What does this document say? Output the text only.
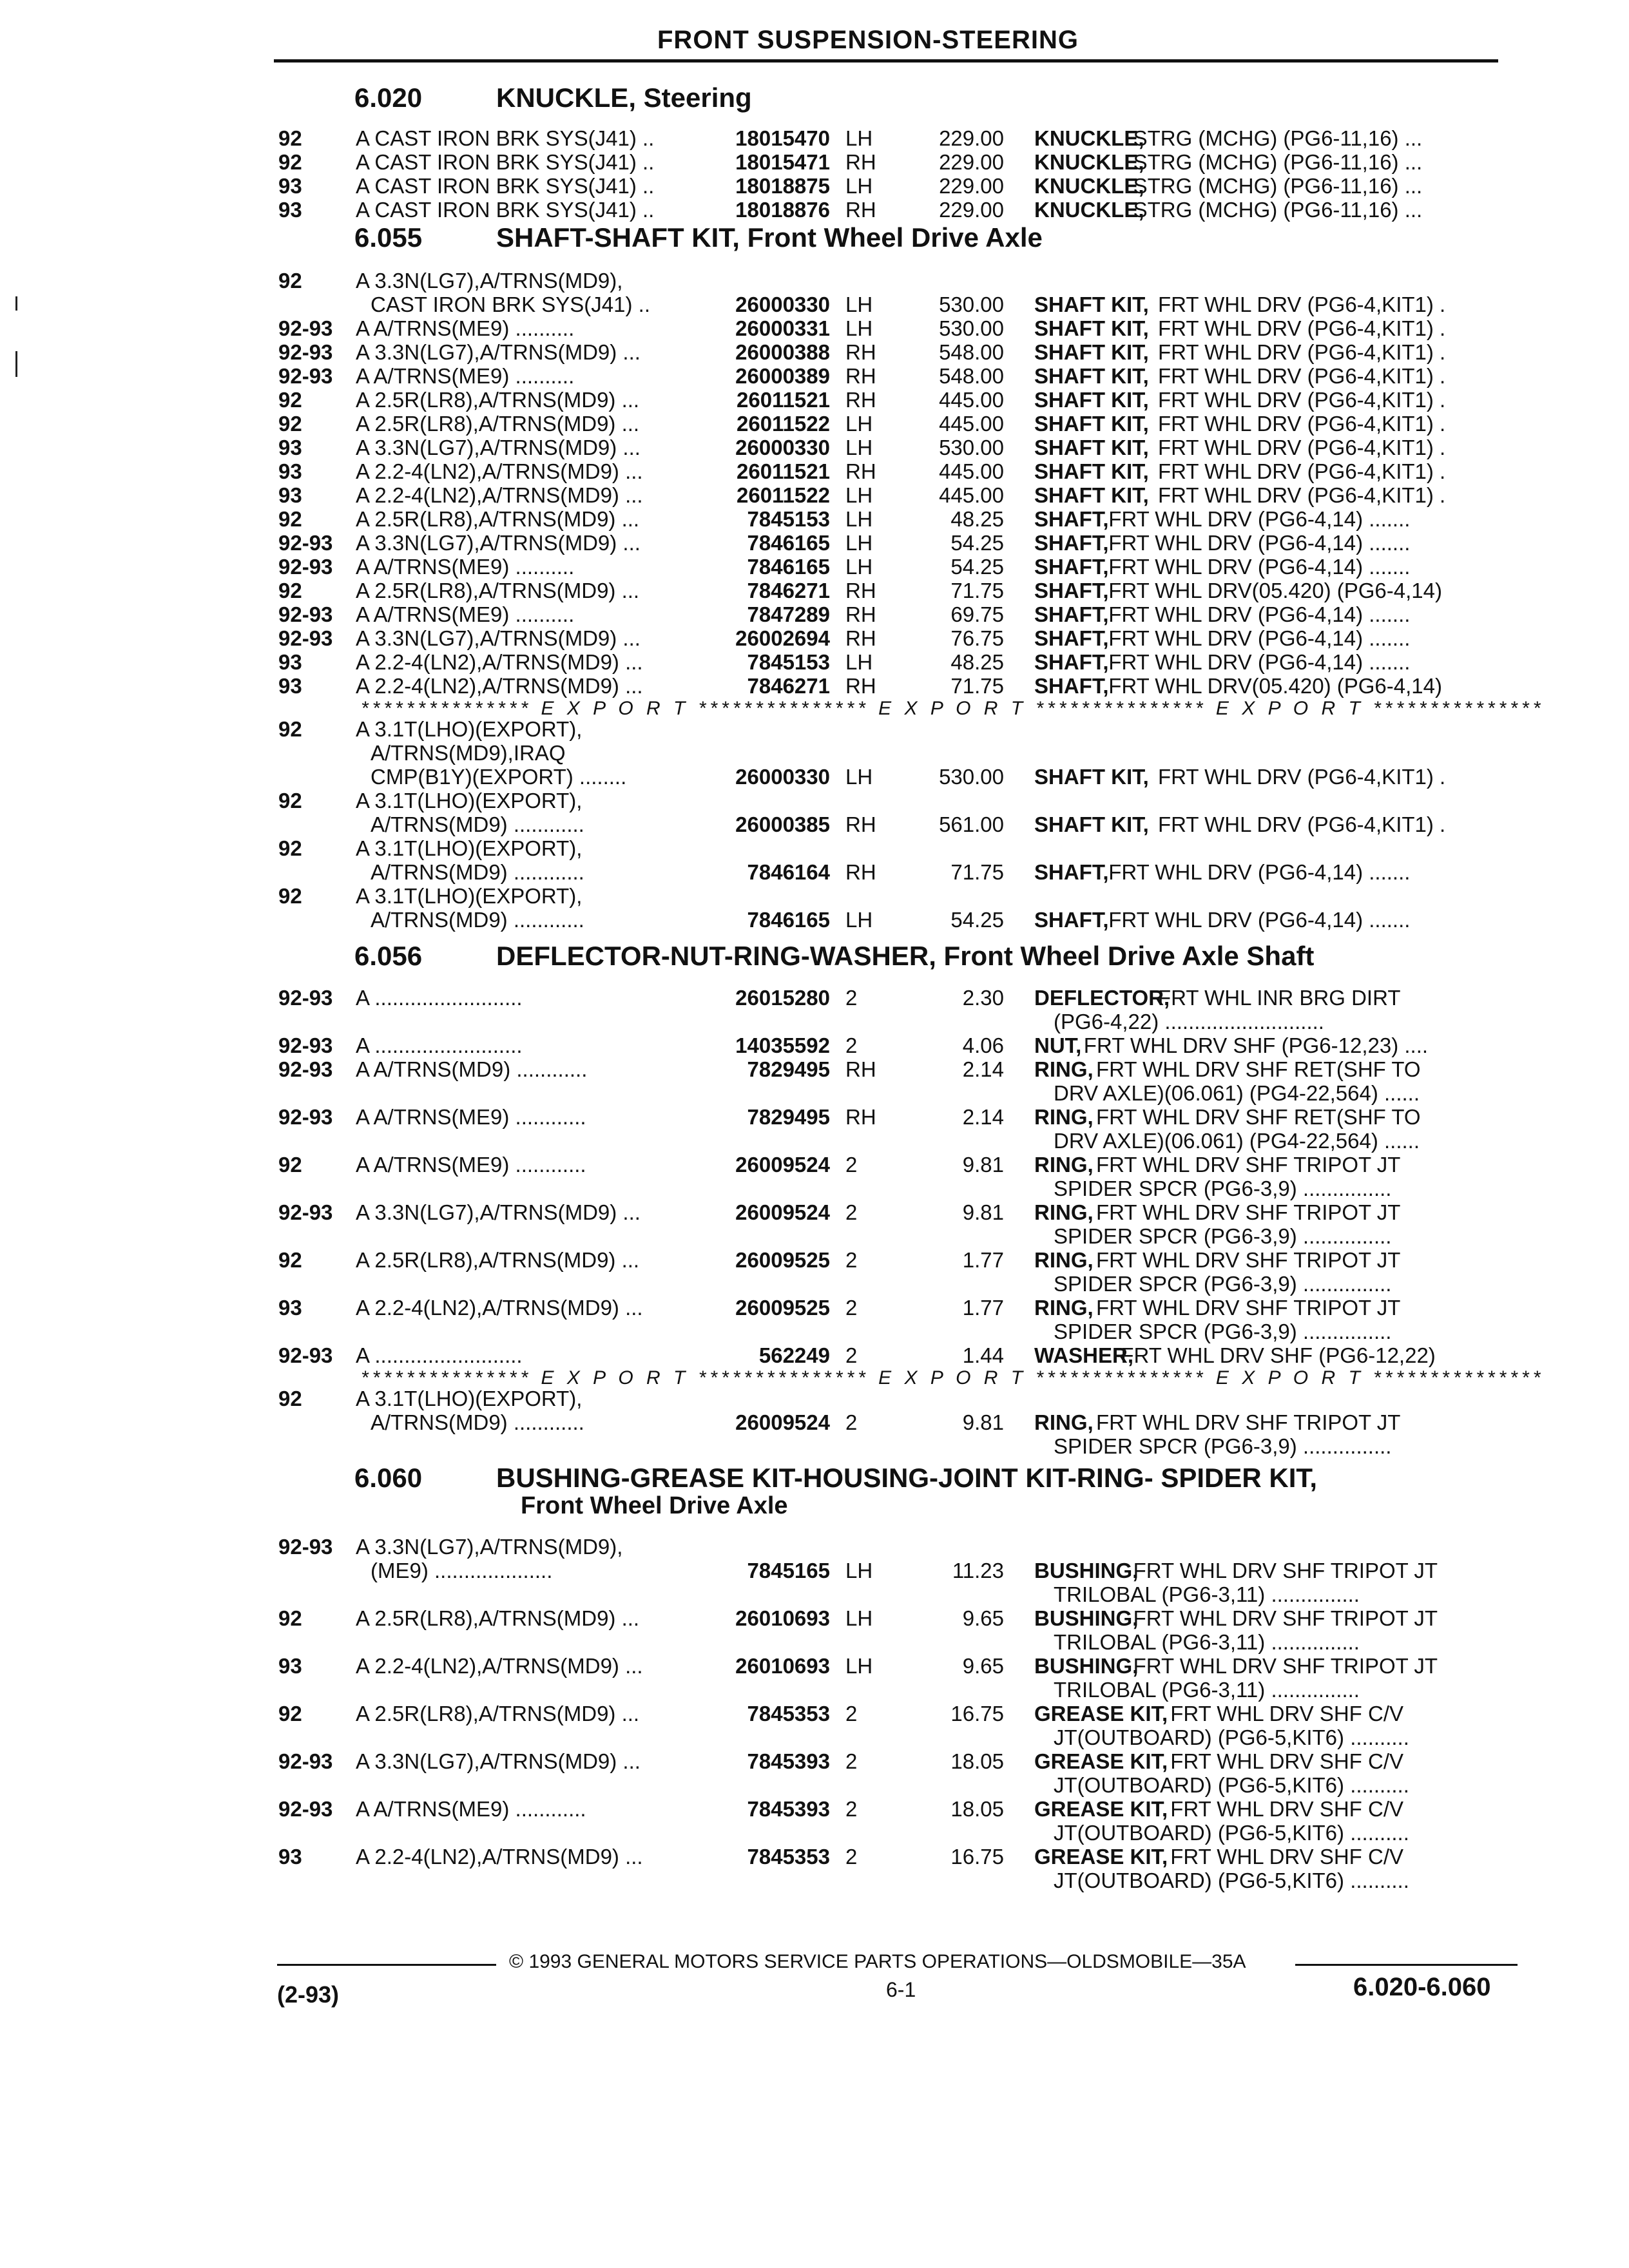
FRONT SUSPENSION-STEERING
6.020	KNUCKLE, Steering
92	A CAST IRON BRK SYS(J41) ..	18015470 LH	229.00 KNUCKLE,
STRG (MCHG) (PG6-11,16) ...
92	A CAST IRON BRK SYS(J41) ..	18015471 RH	229.00 KNUCKLE,
STRG (MCHG) (PG6-11,16) ...
93	A CAST IRON BRK SYS(J41) ..	18018875 LH	229.00 KNUCKLE,
STRG (MCHG) (PG6-11,16) ...
93	A CAST IRON BRK SYS(J41) ..	18018876 RH	229.00 KNUCKLE,
STRG (MCHG) (PG6-11,16) ...
6.055	SHAFT-SHAFT KIT, Front Wheel Drive Axle
92	A 3.3N(LG7),A/TRNS(MD9),
CAST IRON BRK SYS(J41) ..	26000330 LH	530.00 SHAFT KIT, FRT WHL DRV (PG6-4,KIT1) .
92-93 A A/TRNS(ME9) ..........	26000331 LH	530.00 SHAFT KIT, FRT WHL DRV (PG6-4,KIT1) .
92-93 A 3.3N(LG7),A/TRNS(MD9) ...	26000388 RH	548.00 SHAFT KIT, FRT WHL DRV (PG6-4,KIT1) .
92-93 A A/TRNS(ME9) ..........	26000389 RH	548.00 SHAFT KIT, FRT WHL DRV (PG6-4,KIT1) .
92	A 2.5R(LR8),A/TRNS(MD9) ...	26011521 RH	445.00 SHAFT KIT, FRT WHL DRV (PG6-4,KIT1) .
92	A 2.5R(LR8),A/TRNS(MD9) ...	26011522 LH	445.00 SHAFT KIT, FRT WHL DRV (PG6-4,KIT1) .
93	A 3.3N(LG7),A/TRNS(MD9) ...	26000330 LH	530.00 SHAFT KIT, FRT WHL DRV (PG6-4,KIT1) .
93	A 2.2-4(LN2),A/TRNS(MD9) ...	26011521 RH	445.00 SHAFT KIT, FRT WHL DRV (PG6-4,KIT1) .
93	A 2.2-4(LN2),A/TRNS(MD9) ...	26011522 LH	445.00 SHAFT KIT, FRT WHL DRV (PG6-4,KIT1) .
92	A 2.5R(LR8),A/TRNS(MD9) ...	7845153 LH	48.25 SHAFT, FRT WHL DRV (PG6-4,14) .......
92-93 A 3.3N(LG7),A/TRNS(MD9) ...	7846165 LH	54.25 SHAFT, FRT WHL DRV (PG6-4,14) .......
92-93 A A/TRNS(ME9) ..........	7846165 LH	54.25 SHAFT, FRT WHL DRV (PG6-4,14) .......
92	A 2.5R(LR8),A/TRNS(MD9) ...	7846271 RH	71.75 SHAFT, FRT WHL DRV(05.420) (PG6-4,14)
92-93 A A/TRNS(ME9) ..........	7847289 RH	69.75 SHAFT, FRT WHL DRV (PG6-4,14) .......
92-93 A 3.3N(LG7),A/TRNS(MD9) ...	26002694 RH	76.75 SHAFT, FRT WHL DRV (PG6-4,14) .......
93	A 2.2-4(LN2),A/TRNS(MD9) ...	7845153 LH	48.25 SHAFT, FRT WHL DRV (PG6-4,14) .......
93	A 2.2-4(LN2),A/TRNS(MD9) ...	7846271 RH	71.75 SHAFT, FRT WHL DRV(05.420) (PG6-4,14)
*************** E X P O R T *************** E X P O R T *************** E X P O R T ***************
92	A 3.1T(LHO)(EXPORT),
A/TRNS(MD9),IRAQ
CMP(B1Y)(EXPORT) ........	26000330 LH	530.00 SHAFT KIT, FRT WHL DRV (PG6-4,KIT1) .
92	A 3.1T(LHO)(EXPORT),
A/TRNS(MD9) ............	26000385 RH	561.00 SHAFT KIT, FRT WHL DRV (PG6-4,KIT1) .
92	A 3.1T(LHO)(EXPORT),
A/TRNS(MD9) ............	7846164 RH	71.75 SHAFT, FRT WHL DRV (PG6-4,14) .......
92	A 3.1T(LHO)(EXPORT),
A/TRNS(MD9) ............	7846165 LH	54.25 SHAFT, FRT WHL DRV (PG6-4,14) .......
6.056	DEFLECTOR-NUT-RING-WASHER, Front Wheel Drive Axle Shaft
92-93 A .........................	26015280 2	2.30 DEFLECTOR,
FRT WHL INR BRG DIRT
(PG6-4,22) ...........................
92-93 A .........................	14035592 2	4.06 NUT, FRT WHL DRV SHF (PG6-12,23) ....
92-93 A A/TRNS(MD9) ............	7829495 RH	2.14 RING, FRT WHL DRV SHF RET(SHF TO
DRV AXLE)(06.061) (PG4-22,564) ......
92-93 A A/TRNS(ME9) ............	7829495 RH	2.14 RING, FRT WHL DRV SHF RET(SHF TO
DRV AXLE)(06.061) (PG4-22,564) ......
92	A A/TRNS(ME9) ............	26009524 2	9.81 RING, FRT WHL DRV SHF TRIPOT JT
SPIDER SPCR (PG6-3,9) ...............
92-93 A 3.3N(LG7),A/TRNS(MD9) ...	26009524 2	9.81 RING, FRT WHL DRV SHF TRIPOT JT
SPIDER SPCR (PG6-3,9) ...............
92	A 2.5R(LR8),A/TRNS(MD9) ...	26009525 2	1.77 RING, FRT WHL DRV SHF TRIPOT JT
SPIDER SPCR (PG6-3,9) ...............
93	A 2.2-4(LN2),A/TRNS(MD9) ...	26009525 2	1.77 RING, FRT WHL DRV SHF TRIPOT JT
SPIDER SPCR (PG6-3,9) ...............
92-93 A .........................	562249 2	1.44 WASHER,
FRT WHL DRV SHF (PG6-12,22)
*************** E X P O R T *************** E X P O R T *************** E X P O R T ***************
92	A 3.1T(LHO)(EXPORT),
A/TRNS(MD9) ............	26009524 2	9.81 RING, FRT WHL DRV SHF TRIPOT JT
SPIDER SPCR (PG6-3,9) ...............
6.060	BUSHING-GREASE KIT-HOUSING-JOINT KIT-RING- SPIDER KIT,
Front Wheel Drive Axle
92-93 A 3.3N(LG7),A/TRNS(MD9),
(ME9) ....................	7845165 LH	11.23 BUSHING,
FRT WHL DRV SHF TRIPOT JT
TRILOBAL (PG6-3,11) ...............
92	A 2.5R(LR8),A/TRNS(MD9) ...	26010693 LH	9.65 BUSHING,
FRT WHL DRV SHF TRIPOT JT
TRILOBAL (PG6-3,11) ...............
93	A 2.2-4(LN2),A/TRNS(MD9) ...	26010693 LH	9.65 BUSHING,
FRT WHL DRV SHF TRIPOT JT
TRILOBAL (PG6-3,11) ...............
92	A 2.5R(LR8),A/TRNS(MD9) ...	7845353 2	16.75 GREASE KIT, FRT WHL DRV SHF C/V
JT(OUTBOARD) (PG6-5,KIT6) ..........
92-93 A 3.3N(LG7),A/TRNS(MD9) ...	7845393 2	18.05 GREASE KIT, FRT WHL DRV SHF C/V
JT(OUTBOARD) (PG6-5,KIT6) ..........
92-93 A A/TRNS(ME9) ............	7845393 2	18.05 GREASE KIT, FRT WHL DRV SHF C/V
JT(OUTBOARD) (PG6-5,KIT6) ..........
93	A 2.2-4(LN2),A/TRNS(MD9) ...	7845353 2	16.75 GREASE KIT, FRT WHL DRV SHF C/V
JT(OUTBOARD) (PG6-5,KIT6) ..........
© 1993 GENERAL MOTORS SERVICE PARTS OPERATIONS—OLDSMOBILE—35A
(2-93)	6-1	6.020-6.060
